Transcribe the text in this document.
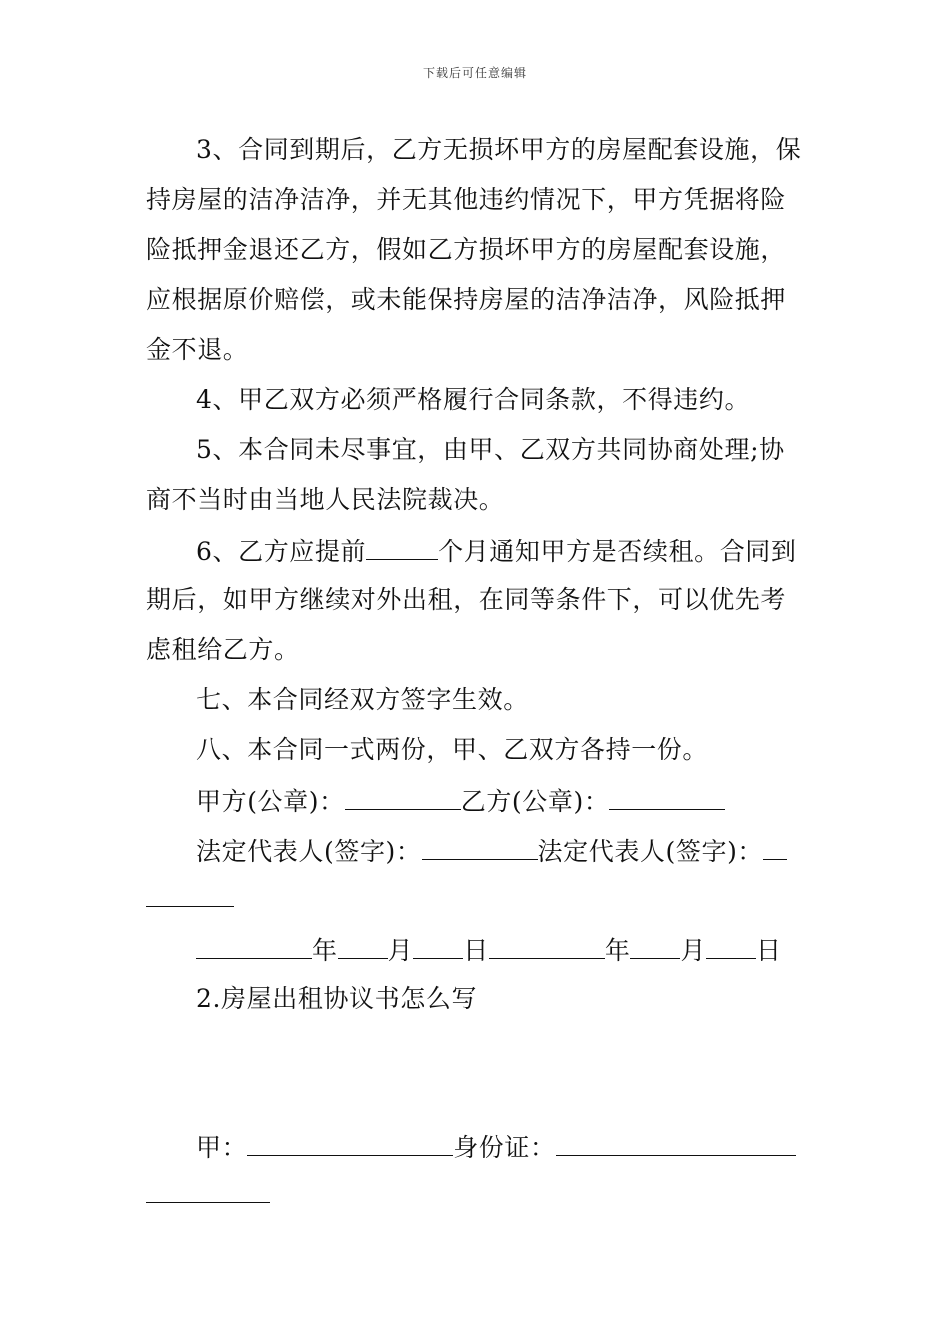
下载后可任意编辑
3、合同到期后，乙方无损坏甲方的房屋配套设施，保
持房屋的洁净洁净，并无其他违约情况下，甲方凭据将险
险抵押金退还乙方，假如乙方损坏甲方的房屋配套设施，
应根据原价赔偿，或未能保持房屋的洁净洁净，风险抵押
金不退。
4、甲乙双方必须严格履行合同条款，不得违约。
5、本合同未尽事宜，由甲、乙双方共同协商处理;协
商不当时由当地人民法院裁决。
6、乙方应提前	个月通知甲方是否续租。合同到
期后，如甲方继续对外出租，在同等条件下，可以优先考
虑租给乙方。
七、本合同经双方签字生效。
八、本合同一式两份，甲、乙双方各持一份。
甲方(公章)：	乙方(公章)：
法定代表人(签字)：	法定代表人(签字)：
年 月 日	年 月 日
2.房屋出租协议书怎么写
甲：	身份证：
